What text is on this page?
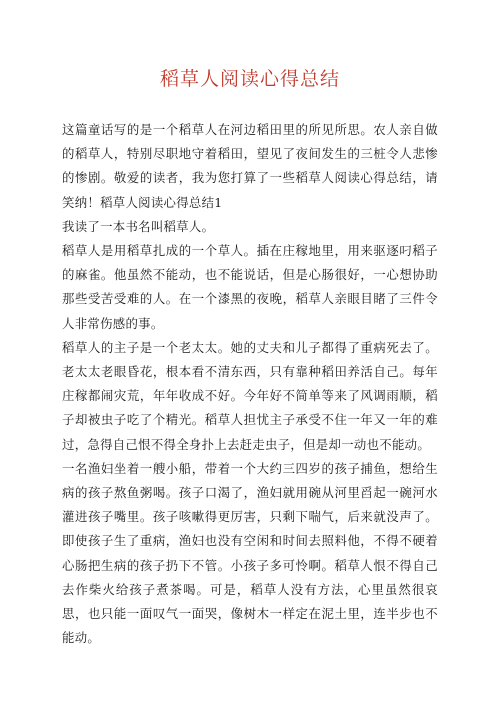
稻草人阅读心得总结

这篇童话写的是一个稻草人在河边稻田里的所见所思。农人亲自做的稻草人，特别尽职地守着稻田，望见了夜间发生的三桩令人悲惨的惨剧。敬爱的读者，我为您打算了一些稻草人阅读心得总结，请笑纳！稻草人阅读心得总结1

我读了一本书名叫稻草人。

稻草人是用稻草扎成的一个草人。插在庄稼地里，用来驱逐叼稻子的麻雀。他虽然不能动，也不能说话，但是心肠很好，一心想协助那些受苦受难的人。在一个漆黑的夜晚，稻草人亲眼目睹了三件令人非常伤感的事。

稻草人的主子是一个老太太。她的丈夫和儿子都得了重病死去了。老太太老眼昏花，根本看不清东西，只有靠种稻田养活自己。每年庄稼都闹灾荒，年年收成不好。今年好不简单等来了风调雨顺，稻子却被虫子吃了个精光。稻草人担忧主子承受不住一年又一年的难过，急得自己恨不得全身扑上去赶走虫子，但是却一动也不能动。

一名渔妇坐着一艘小船，带着一个大约三四岁的孩子捕鱼，想给生病的孩子熬鱼粥喝。孩子口渴了，渔妇就用碗从河里舀起一碗河水灌进孩子嘴里。孩子咳嗽得更厉害，只剩下喘气，后来就没声了。即使孩子生了重病，渔妇也没有空闲和时间去照料他，不得不硬着心肠把生病的孩子扔下不管。小孩子多可怜啊。稻草人恨不得自己去作柴火给孩子煮茶喝。可是，稻草人没有方法，心里虽然很哀思，也只能一面叹气一面哭，像树木一样定在泥土里，连半步也不能动。
